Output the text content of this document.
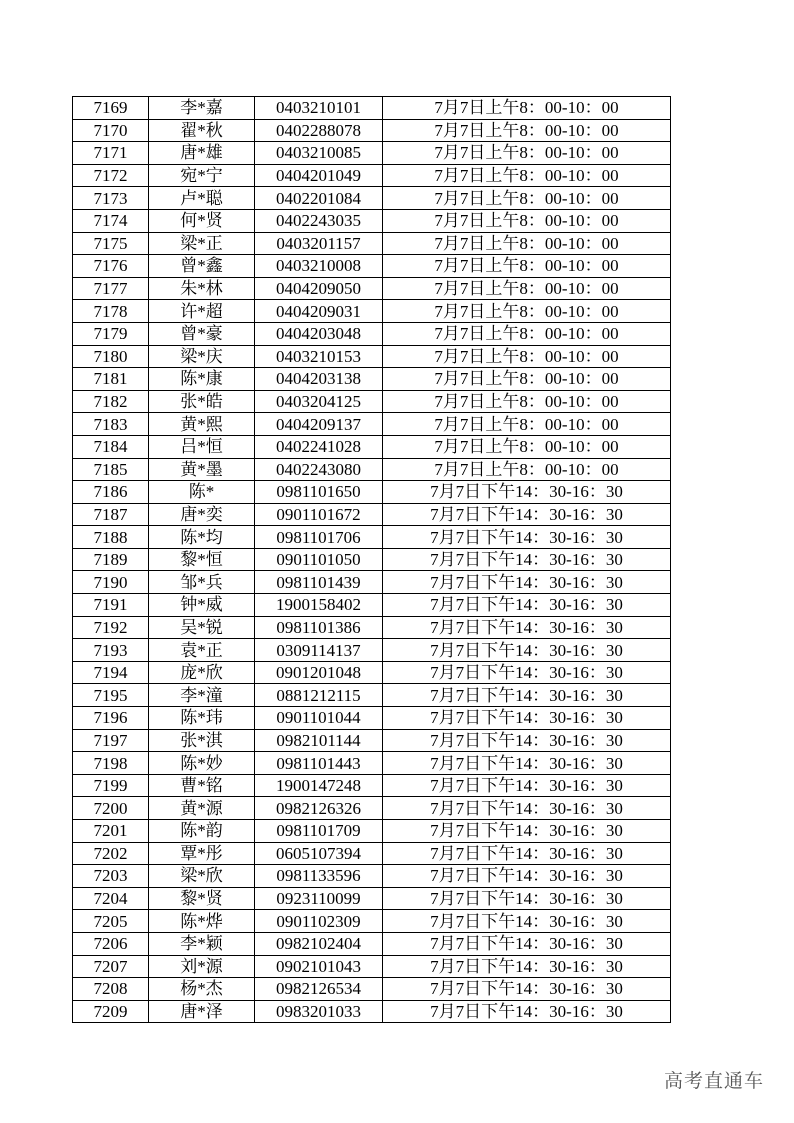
7169	李*嘉	0403210101	7月7日上午8：00-10：00
7170	翟*秋	0402288078	7月7日上午8：00-10：00
7171	唐*雄	0403210085	7月7日上午8：00-10：00
7172	宛*宁	0404201049	7月7日上午8：00-10：00
7173	卢*聪	0402201084	7月7日上午8：00-10：00
7174	何*贤	0402243035	7月7日上午8：00-10：00
7175	梁*正	0403201157	7月7日上午8：00-10：00
7176	曾*鑫	0403210008	7月7日上午8：00-10：00
7177	朱*林	0404209050	7月7日上午8：00-10：00
7178	许*超	0404209031	7月7日上午8：00-10：00
7179	曾*豪	0404203048	7月7日上午8：00-10：00
7180	梁*庆	0403210153	7月7日上午8：00-10：00
7181	陈*康	0404203138	7月7日上午8：00-10：00
7182	张*皓	0403204125	7月7日上午8：00-10：00
7183	黄*熙	0404209137	7月7日上午8：00-10：00
7184	吕*恒	0402241028	7月7日上午8：00-10：00
7185	黄*墨	0402243080	7月7日上午8：00-10：00
7186	陈*	0981101650	7月7日下午14：30-16：30
7187	唐*奕	0901101672	7月7日下午14：30-16：30
7188	陈*均	0981101706	7月7日下午14：30-16：30
7189	黎*恒	0901101050	7月7日下午14：30-16：30
7190	邹*兵	0981101439	7月7日下午14：30-16：30
7191	钟*威	1900158402	7月7日下午14：30-16：30
7192	吴*锐	0981101386	7月7日下午14：30-16：30
7193	袁*正	0309114137	7月7日下午14：30-16：30
7194	庞*欣	0901201048	7月7日下午14：30-16：30
7195	李*潼	0881212115	7月7日下午14：30-16：30
7196	陈*玮	0901101044	7月7日下午14：30-16：30
7197	张*淇	0982101144	7月7日下午14：30-16：30
7198	陈*妙	0981101443	7月7日下午14：30-16：30
7199	曹*铭	1900147248	7月7日下午14：30-16：30
7200	黄*源	0982126326	7月7日下午14：30-16：30
7201	陈*韵	0981101709	7月7日下午14：30-16：30
7202	覃*彤	0605107394	7月7日下午14：30-16：30
7203	梁*欣	0981133596	7月7日下午14：30-16：30
7204	黎*贤	0923110099	7月7日下午14：30-16：30
7205	陈*烨	0901102309	7月7日下午14：30-16：30
7206	李*颖	0982102404	7月7日下午14：30-16：30
7207	刘*源	0902101043	7月7日下午14：30-16：30
7208	杨*杰	0982126534	7月7日下午14：30-16：30
7209	唐*泽	0983201033	7月7日下午14：30-16：30
高考直通车
